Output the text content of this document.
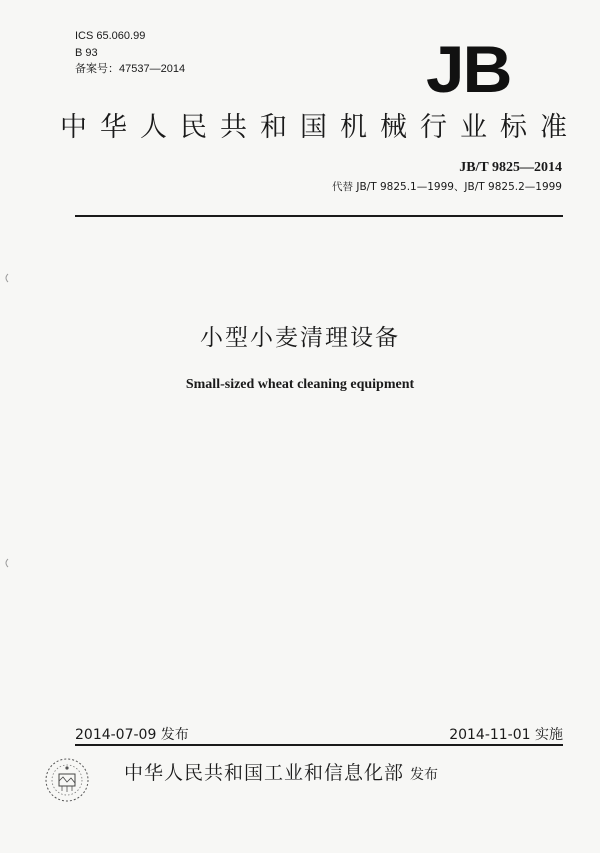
ICS 65.060.99
B 93
备案号：47537—2014	JB
中华人民共和国机械行业标准
JB/T 9825—2014
代替 JB/T 9825.1—1999、JB/T 9825.2—1999
小型小麦清理设备
Small-sized wheat cleaning equipment
2014-07-09 发布	2014-11-01 实施
中华人民共和国工业和信息化部 发布
